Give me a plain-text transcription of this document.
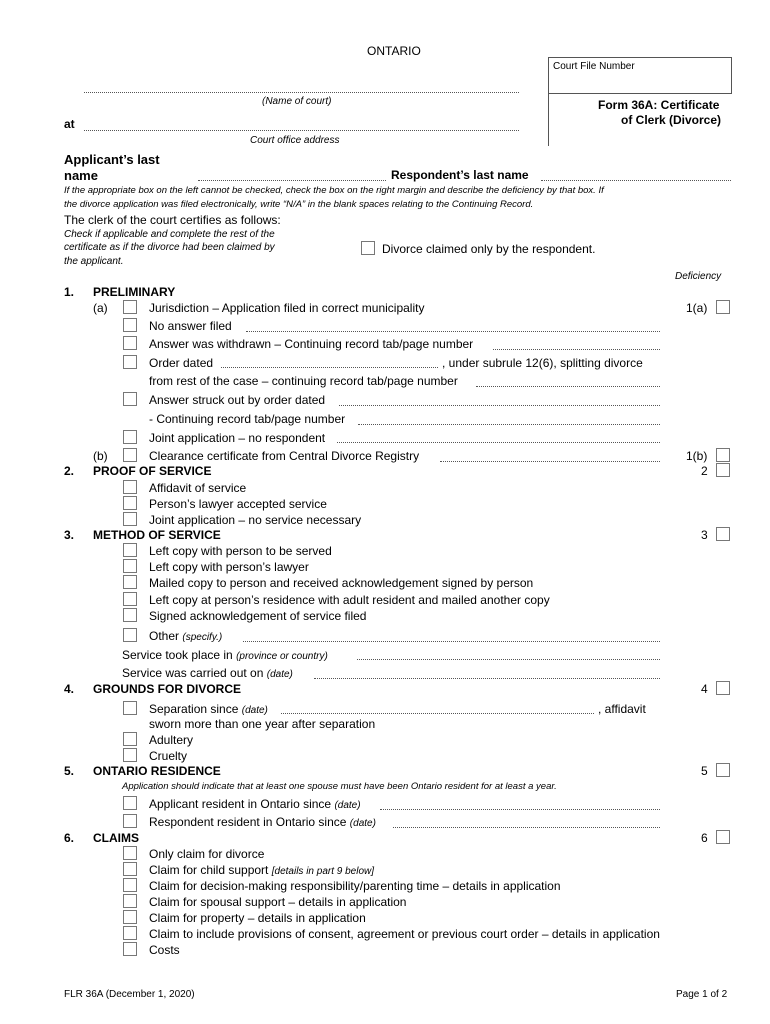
ONTARIO
Court File Number
(Name of court)
at
Court office address
Form 36A: Certificate
of Clerk (Divorce)
Applicant’s last
name	Respondent’s last name
If the appropriate box on the left cannot be checked, check the box on the right margin and describe the deficiency by that box. If
the divorce application was filed electronically, write “N/A” in the blank spaces relating to the Continuing Record.
The clerk of the court certifies as follows:
Check if applicable and complete the rest of the
certificate as if the divorce had been claimed by
the applicant.
Divorce claimed only by the respondent.
Deficiency
1. PRELIMINARY
(a)	Jurisdiction – Application filed in correct municipality	1(a)
No answer filed
Answer was withdrawn – Continuing record tab/page number
Order dated	, under subrule 12(6), splitting divorce
from rest of the case – continuing record tab/page number
Answer struck out by order dated
- Continuing record tab/page number
Joint application – no respondent
(b)	Clearance certificate from Central Divorce Registry	1(b)
2. PROOF OF SERVICE	2
Affidavit of service
Person’s lawyer accepted service
Joint application – no service necessary
3. METHOD OF SERVICE	3
Left copy with person to be served
Left copy with person’s lawyer
Mailed copy to person and received acknowledgement signed by person
Left copy at person’s residence with adult resident and mailed another copy
Signed acknowledgement of service filed
Other (specify.)
Service took place in (province or country)
Service was carried out on (date)
4. GROUNDS FOR DIVORCE	4
Separation since (date)	, affidavit
sworn more than one year after separation
Adultery
Cruelty
5. ONTARIO RESIDENCE	5
Application should indicate that at least one spouse must have been Ontario resident for at least a year.
Applicant resident in Ontario since (date)
Respondent resident in Ontario since (date)
6. CLAIMS	6
Only claim for divorce
Claim for child support [details in part 9 below]
Claim for decision-making responsibility/parenting time – details in application
Claim for spousal support – details in application
Claim for property – details in application
Claim to include provisions of consent, agreement or previous court order – details in application
Costs
FLR 36A (December 1, 2020)	Page 1 of 2
